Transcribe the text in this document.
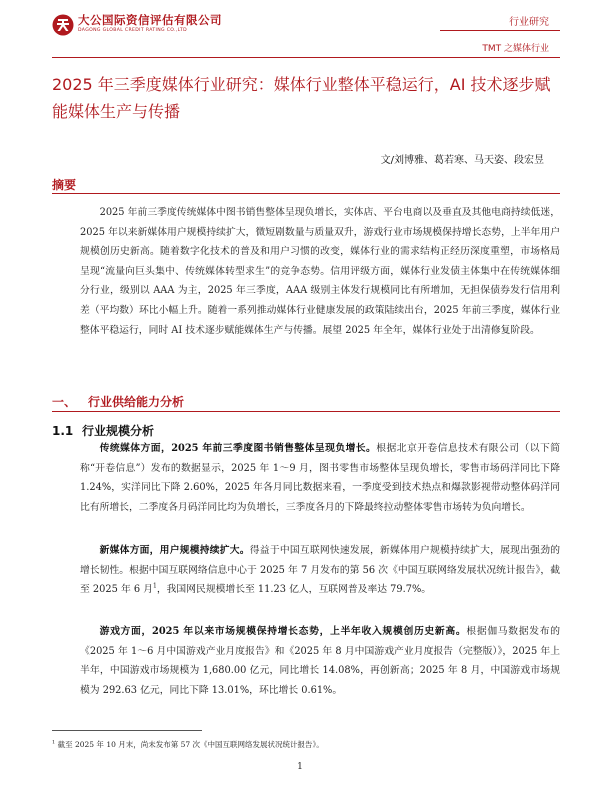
大公国际资信评估有限公司
DAGONG GLOBAL CREDIT RATING CO.,LTD
行业研究
TMT 之媒体行业
2025 年三季度媒体行业研究：媒体行业整体平稳运行，AI 技术逐步赋能媒体生产与传播
文/刘博雅、葛若寒、马天姿、段宏昱
摘要

2025 年前三季度传统媒体中图书销售整体呈现负增长，实体店、平台电商以及垂直及其他电商持续低迷，2025 年以来新媒体用户规模持续扩大，微短剧数量与质量双升，游戏行业市场规模保持增长态势，上半年用户规模创历史新高。随着数字化技术的普及和用户习惯的改变，媒体行业的需求结构正经历深度重塑，市场格局呈现“流量向巨头集中、传统媒体转型求生”的竞争态势。信用评级方面，媒体行业发债主体集中在传统媒体细分行业，级别以 AAA 为主，2025 年三季度，AAA 级别主体发行规模同比有所增加，无担保债券发行信用利差（平均数）环比小幅上升。随着一系列推动媒体行业健康发展的政策陆续出台，2025 年前三季度，媒体行业整体平稳运行，同时 AI 技术逐步赋能媒体生产与传播。展望 2025 年全年，媒体行业处于出清修复阶段。

一、 行业供给能力分析
1.1 行业规模分析

传统媒体方面，2025 年前三季度图书销售整体呈现负增长。根据北京开卷信息技术有限公司（以下简称“开卷信息”）发布的数据显示，2025 年 1～9 月，图书零售市场整体呈现负增长，零售市场码洋同比下降 1.24%，实洋同比下降 2.60%，2025 年各月同比数据来看，一季度受到技术热点和爆款影视带动整体码洋同比有所增长，二季度各月码洋同比均为负增长，三季度各月的下降最终拉动整体零售市场转为负向增长。

新媒体方面，用户规模持续扩大。得益于中国互联网快速发展，新媒体用户规模持续扩大，展现出强劲的增长韧性。根据中国互联网络信息中心于 2025 年 7 月发布的第 56 次《中国互联网络发展状况统计报告》，截至 2025 年 6 月$^1$，我国网民规模增长至 11.23 亿人，互联网普及率达 79.7%。

游戏方面，2025 年以来市场规模保持增长态势，上半年收入规模创历史新高。根据伽马数据发布的《2025 年 1～6 月中国游戏产业月度报告》和《2025 年 8 月中国游戏产业月度报告（完整版）》，2025 年上半年，中国游戏市场规模为 1,680.00 亿元，同比增长 14.08%，再创新高；2025 年 8 月，中国游戏市场规模为 292.63 亿元，同比下降 13.01%，环比增长 0.61%。

$^1$ 截至 2025 年 10 月末，尚未发布第 57 次《中国互联网络发展状况统计报告》。
1
